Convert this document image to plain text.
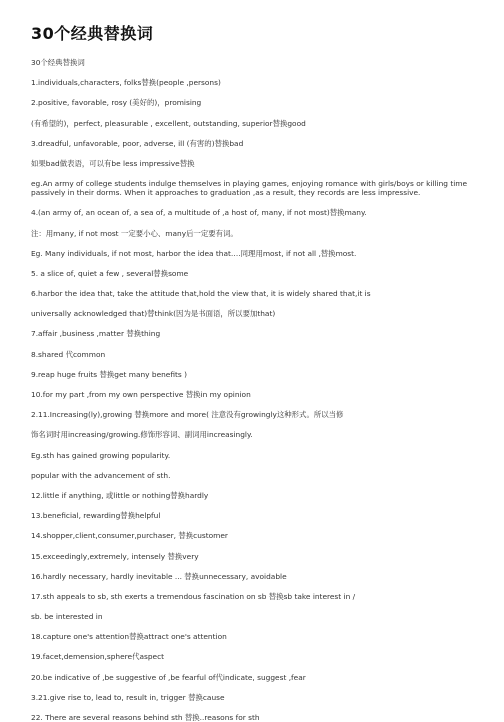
30个经典替换词

30个经典替换词

1.individuals,characters, folks替换(people ,persons)

2.positive, favorable, rosy (美好的)，promising

(有希望的)，perfect, pleasurable , excellent, outstanding, superior替换good

3.dreadful, unfavorable, poor, adverse, ill (有害的)替换bad

如果bad做表语，可以有be less impressive替换

eg.An army of college students indulge themselves in playing games, enjoying romance with girls/boys or killing time passively in their dorms. When it approaches to graduation ,as a result, they records are less impressive.

4.(an army of, an ocean of, a sea of, a multitude of ,a host of, many, if not most)替换many.

注：用many, if not most 一定要小心、many后一定要有词。

Eg. Many individuals, if not most, harbor the idea that….同理用most, if not all ,替换most.

5. a slice of, quiet a few , several替换some

6.harbor the idea that, take the attitude that,hold the view that, it is widely shared that,it is

universally acknowledged that)替think(因为是书面语，所以要加that)

7.affair ,business ,matter 替换thing

8.shared 代common

9.reap huge fruits 替换get many benefits )

10.for my part ,from my own perspective 替换in my opinion

2.11.Increasing(ly),growing 替换more and more( 注意没有growingly这种形式。所以当修

饰名词时用increasing/growing.修饰形容词、副词用increasingly.

Eg.sth has gained growing popularity.

popular with the advancement of sth.

12.little if anything, 或little or nothing替换hardly

13.beneficial, rewarding替换helpful

14.shopper,client,consumer,purchaser, 替换customer

15.exceedingly,extremely, intensely 替换very

16.hardly necessary, hardly inevitable ... 替换unnecessary, avoidable

17.sth appeals to sb, sth exerts a tremendous fascination on sb 替换sb take interest in /

sb. be interested in

18.capture one's attention替换attract one's attention

19.facet,demension,sphere代aspect

20.be indicative of ,be suggestive of ,be fearful of代indicate, suggest ,fear

3.21.give rise to, lead to, result in, trigger 替换cause

22. There are several reasons behind sth 替换..reasons for sth
